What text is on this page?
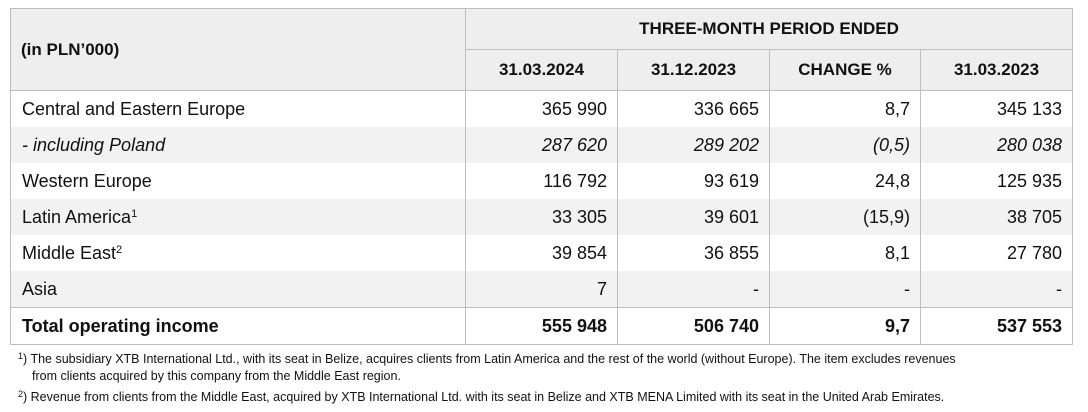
(in PLN’000)	THREE-MONTH PERIOD ENDED			
	31.03.2024	31.12.2023	CHANGE %	31.03.2023
Central and Eastern Europe	365 990	336 665	8,7	345 133
- including Poland	287 620	289 202	(0,5)	280 038
Western Europe	116 792	93 619	24,8	125 935
Latin America$^1$	33 305	39 601	(15,9)	38 705
Middle East$^2$	39 854	36 855	8,1	27 780
Asia	7	-	-	-
Total operating income	555 948	506 740	9,7	537 553
$^1$) The subsidiary XTB International Ltd., with its seat in Belize, acquires clients from Latin America and the rest of the world (without Europe). The item excludes revenues
from clients acquired by this company from the Middle East region.
$^2$) Revenue from clients from the Middle East, acquired by XTB International Ltd. with its seat in Belize and XTB MENA Limited with its seat in the United Arab Emirates.
